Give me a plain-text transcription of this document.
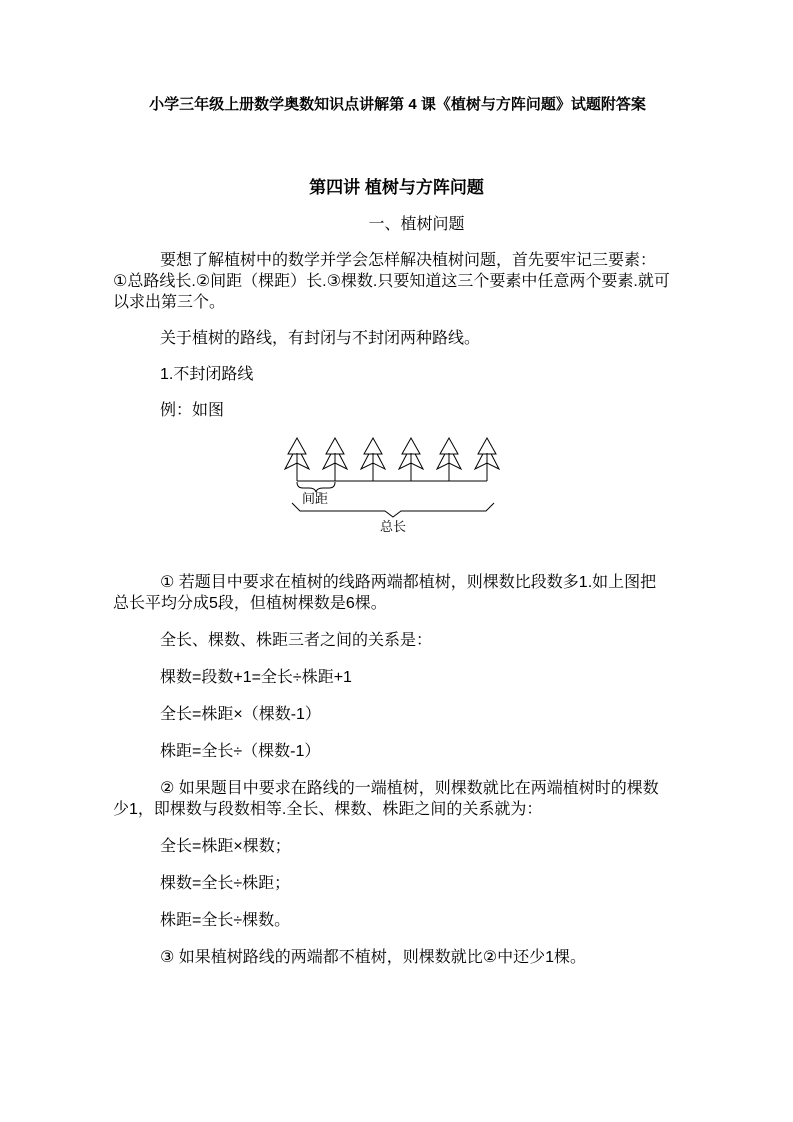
小学三年级上册数学奥数知识点讲解第 4 课《植树与方阵问题》试题附答案

第四讲 植树与方阵问题

一、植树问题

要想了解植树中的数学并学会怎样解决植树问题，首先要牢记三要素：①总路线长.②间距（棵距）长.③棵数.只要知道这三个要素中任意两个要素.就可以求出第三个。

关于植树的路线，有封闭与不封闭两种路线。

1.不封闭路线

例：如图

间距
总长

① 若题目中要求在植树的线路两端都植树，则棵数比段数多1.如上图把总长平均分成5段，但植树棵数是6棵。

全长、棵数、株距三者之间的关系是：

棵数=段数+1=全长÷株距+1

全长=株距×（棵数-1）

株距=全长÷（棵数-1）

② 如果题目中要求在路线的一端植树，则棵数就比在两端植树时的棵数少1，即棵数与段数相等.全长、棵数、株距之间的关系就为：

全长=株距×棵数；

棵数=全长÷株距；

株距=全长÷棵数。

③ 如果植树路线的两端都不植树，则棵数就比②中还少1棵。
